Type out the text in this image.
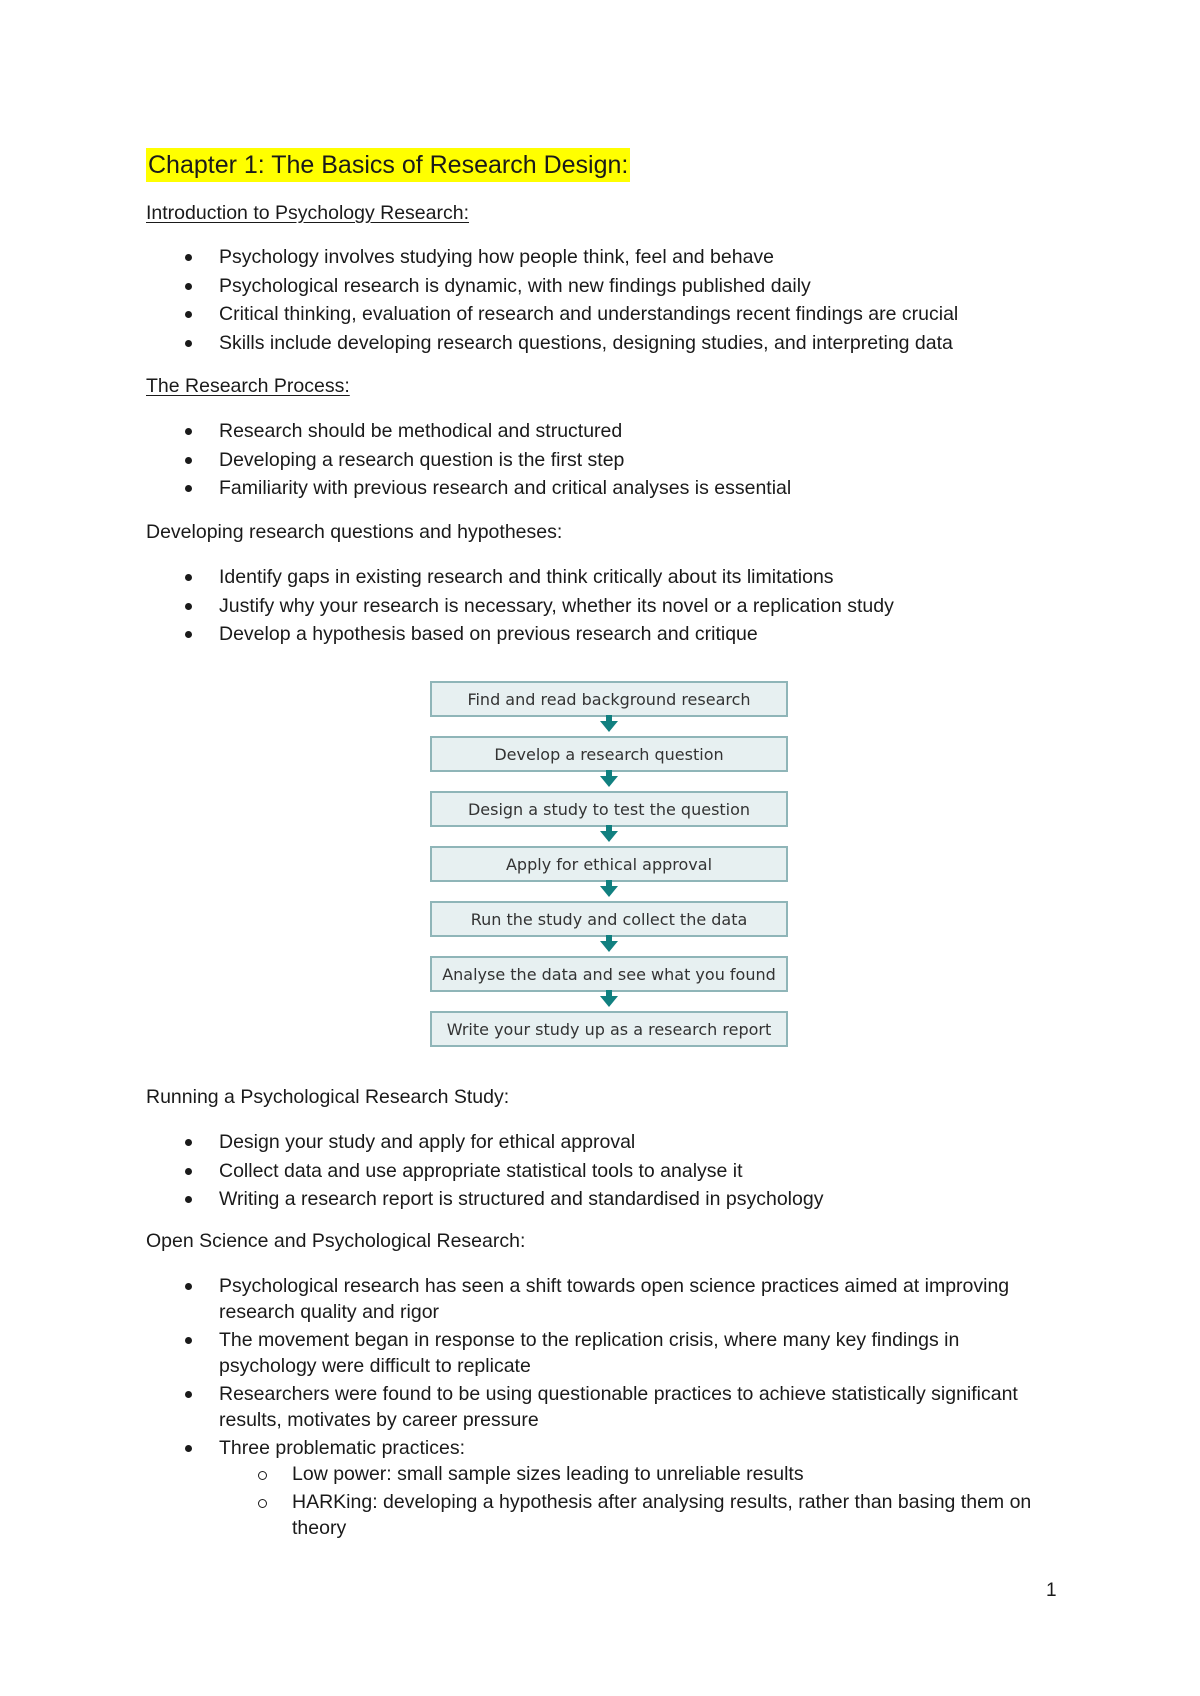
Chapter 1: The Basics of Research Design:
Introduction to Psychology Research:
Psychology involves studying how people think, feel and behave
Psychological research is dynamic, with new findings published daily
Critical thinking, evaluation of research and understandings recent findings are crucial
Skills include developing research questions, designing studies, and interpreting data
The Research Process:
Research should be methodical and structured
Developing a research question is the first step
Familiarity with previous research and critical analyses is essential
Developing research questions and hypotheses:
Identify gaps in existing research and think critically about its limitations
Justify why your research is necessary, whether its novel or a replication study
Develop a hypothesis based on previous research and critique
Find and read background research
Develop a research question
Design a study to test the question
Apply for ethical approval
Run the study and collect the data
Analyse the data and see what you found
Write your study up as a research report
Running a Psychological Research Study:
Design your study and apply for ethical approval
Collect data and use appropriate statistical tools to analyse it
Writing a research report is structured and standardised in psychology
Open Science and Psychological Research:
Psychological research has seen a shift towards open science practices aimed at improving research quality and rigor
The movement began in response to the replication crisis, where many key findings in psychology were difficult to replicate
Researchers were found to be using questionable practices to achieve statistically significant results, motivates by career pressure
Three problematic practices:
Low power: small sample sizes leading to unreliable results
HARKing: developing a hypothesis after analysing results, rather than basing them on theory
1
